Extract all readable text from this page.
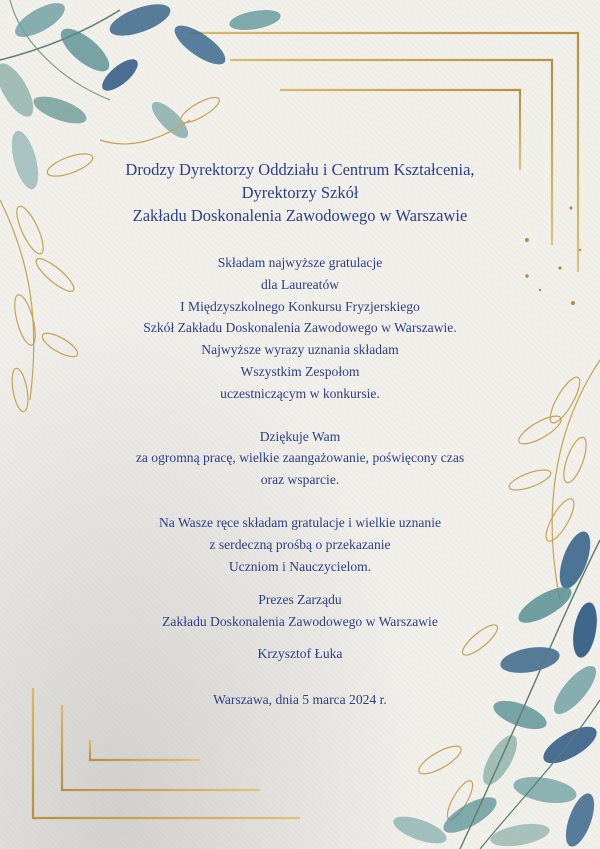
Drodzy Dyrektorzy Oddziału i Centrum Kształcenia,
Dyrektorzy Szkół
Zakładu Doskonalenia Zawodowego w Warszawie
Składam najwyższe gratulacje
dla Laureatów
I Międzyszkolnego Konkursu Fryzjerskiego
Szkół Zakładu Doskonalenia Zawodowego w Warszawie.
Najwyższe wyrazy uznania składam
Wszystkim Zespołom
uczestniczącym w konkursie.
Dziękuje Wam
za ogromną pracę, wielkie zaangażowanie, poświęcony czas
oraz wsparcie.
Na Wasze ręce składam gratulacje i wielkie uznanie
z serdeczną prośbą o przekazanie
Uczniom i Nauczycielom.
Prezes Zarządu
Zakładu Doskonalenia Zawodowego w Warszawie
Krzysztof Łuka
Warszawa, dnia 5 marca 2024 r.
